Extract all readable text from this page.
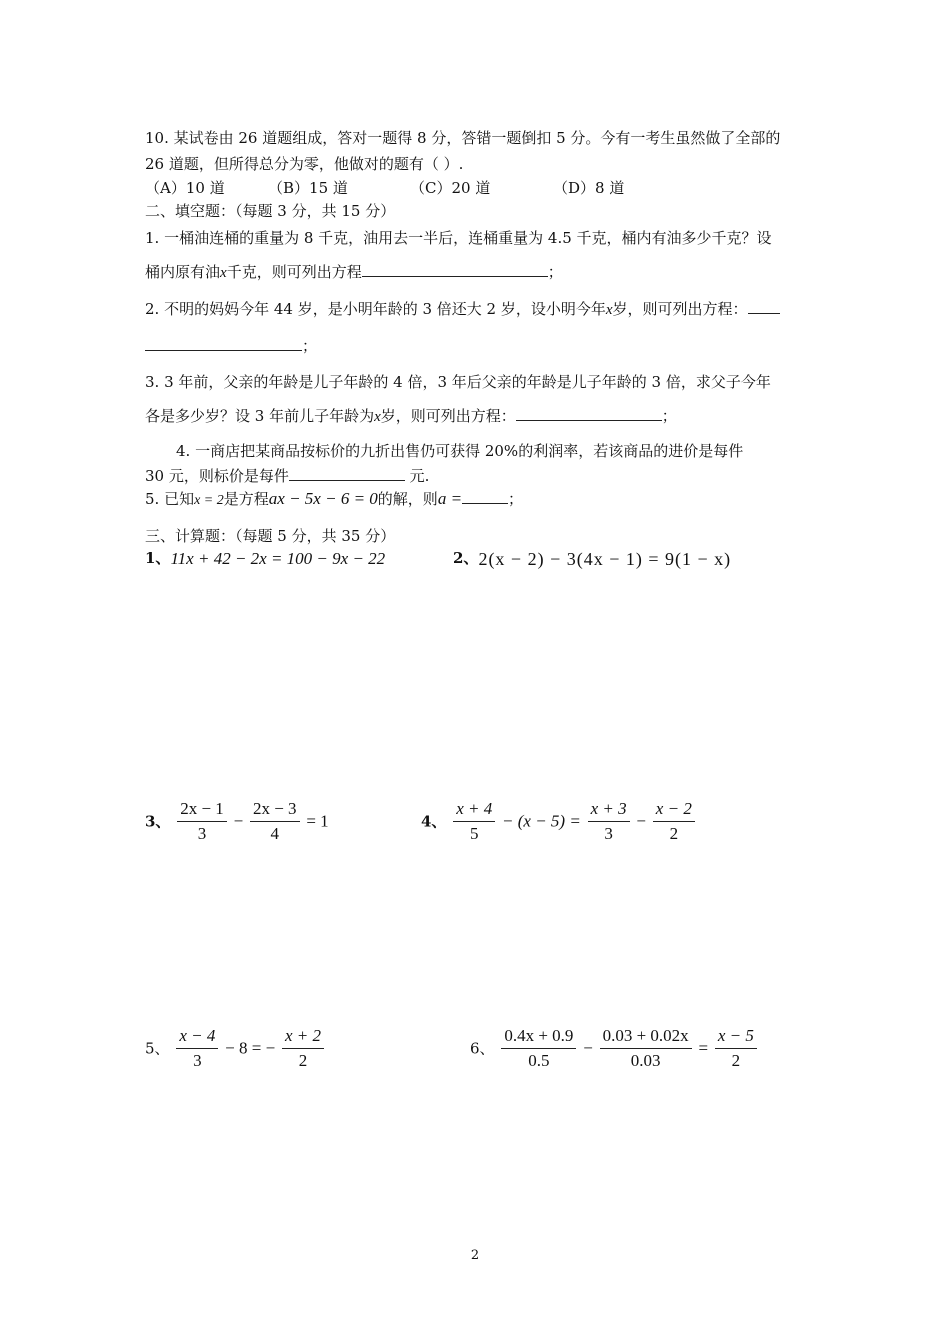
10. 某试卷由 26 道题组成，答对一题得 8 分，答错一题倒扣 5 分。今有一考生虽然做了全部的
26 道题，但所得总分为零，他做对的题有（ ）.
（A）10 道	（B）15 道	（C）20 道	（D）8 道
二、填空题：（每题 3 分，共 15 分）
1. 一桶油连桶的重量为 8 千克，油用去一半后，连桶重量为 4.5 千克，桶内有油多少千克？设
桶内原有油x千克，则可列出方程	；
2. 不明的妈妈今年 44 岁，是小明年龄的 3 倍还大 2 岁，设小明今年x岁，则可列出方程：
；
3. 3 年前，父亲的年龄是儿子年龄的 4 倍，3 年后父亲的年龄是儿子年龄的 3 倍，求父子今年
各是多少岁？设 3 年前儿子年龄为x岁，则可列出方程：	；
4. 一商店把某商品按标价的九折出售仍可获得 20%的利润率，若该商品的进价是每件
30 元，则标价是每件	元.
5. 已知x = 2是方程ax − 5x − 6 = 0的解，则a =	；
三、计算题：（每题 5 分，共 35 分）
1、11x + 42 − 2x = 100 − 9x − 22	2、2(x − 2) − 3(4x − 1) = 9(1 − x)
3、 $\frac{2x - 1}{3} - \frac{2x - 3}{4} = 1$	4、 $\frac{x + 4}{5} - (x - 5) = \frac{x + 3}{3} - \frac{x - 2}{2}$
5、 $\frac{x - 4}{3} - 8$ = − $\frac{x + 2}{2}$	6、 $\frac{0.4x + 0.9}{0.5} - \frac{0.03 + 0.02x}{0.03} = \frac{x - 5}{2}$
2
